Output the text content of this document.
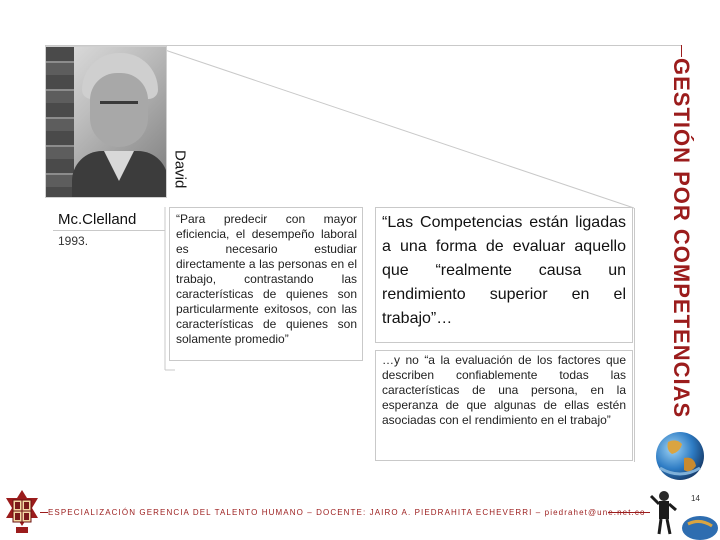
David
Mc.Clelland
1993.
“Para predecir con mayor eficiencia, el desempeño laboral es necesario estudiar directamente a las personas en el trabajo, contrastando las características de quienes son particularmente exitosos, con las características de quienes son solamente promedio”
“Las Competencias están ligadas a una forma de evaluar aquello que “realmente causa un rendimiento superior en el trabajo”…
…y no “a la evaluación de los factores que describen confiablemente todas las características de una persona, en la esperanza de que algunas de ellas estén asociadas con el rendimiento en el trabajo”
GESTIÓN POR COMPETENCIAS
ESPECIALIZACIÓN GERENCIA DEL TALENTO HUMANO – DOCENTE: JAIRO A. PIEDRAHITA ECHEVERRI – piedrahet@une.net.co
14
